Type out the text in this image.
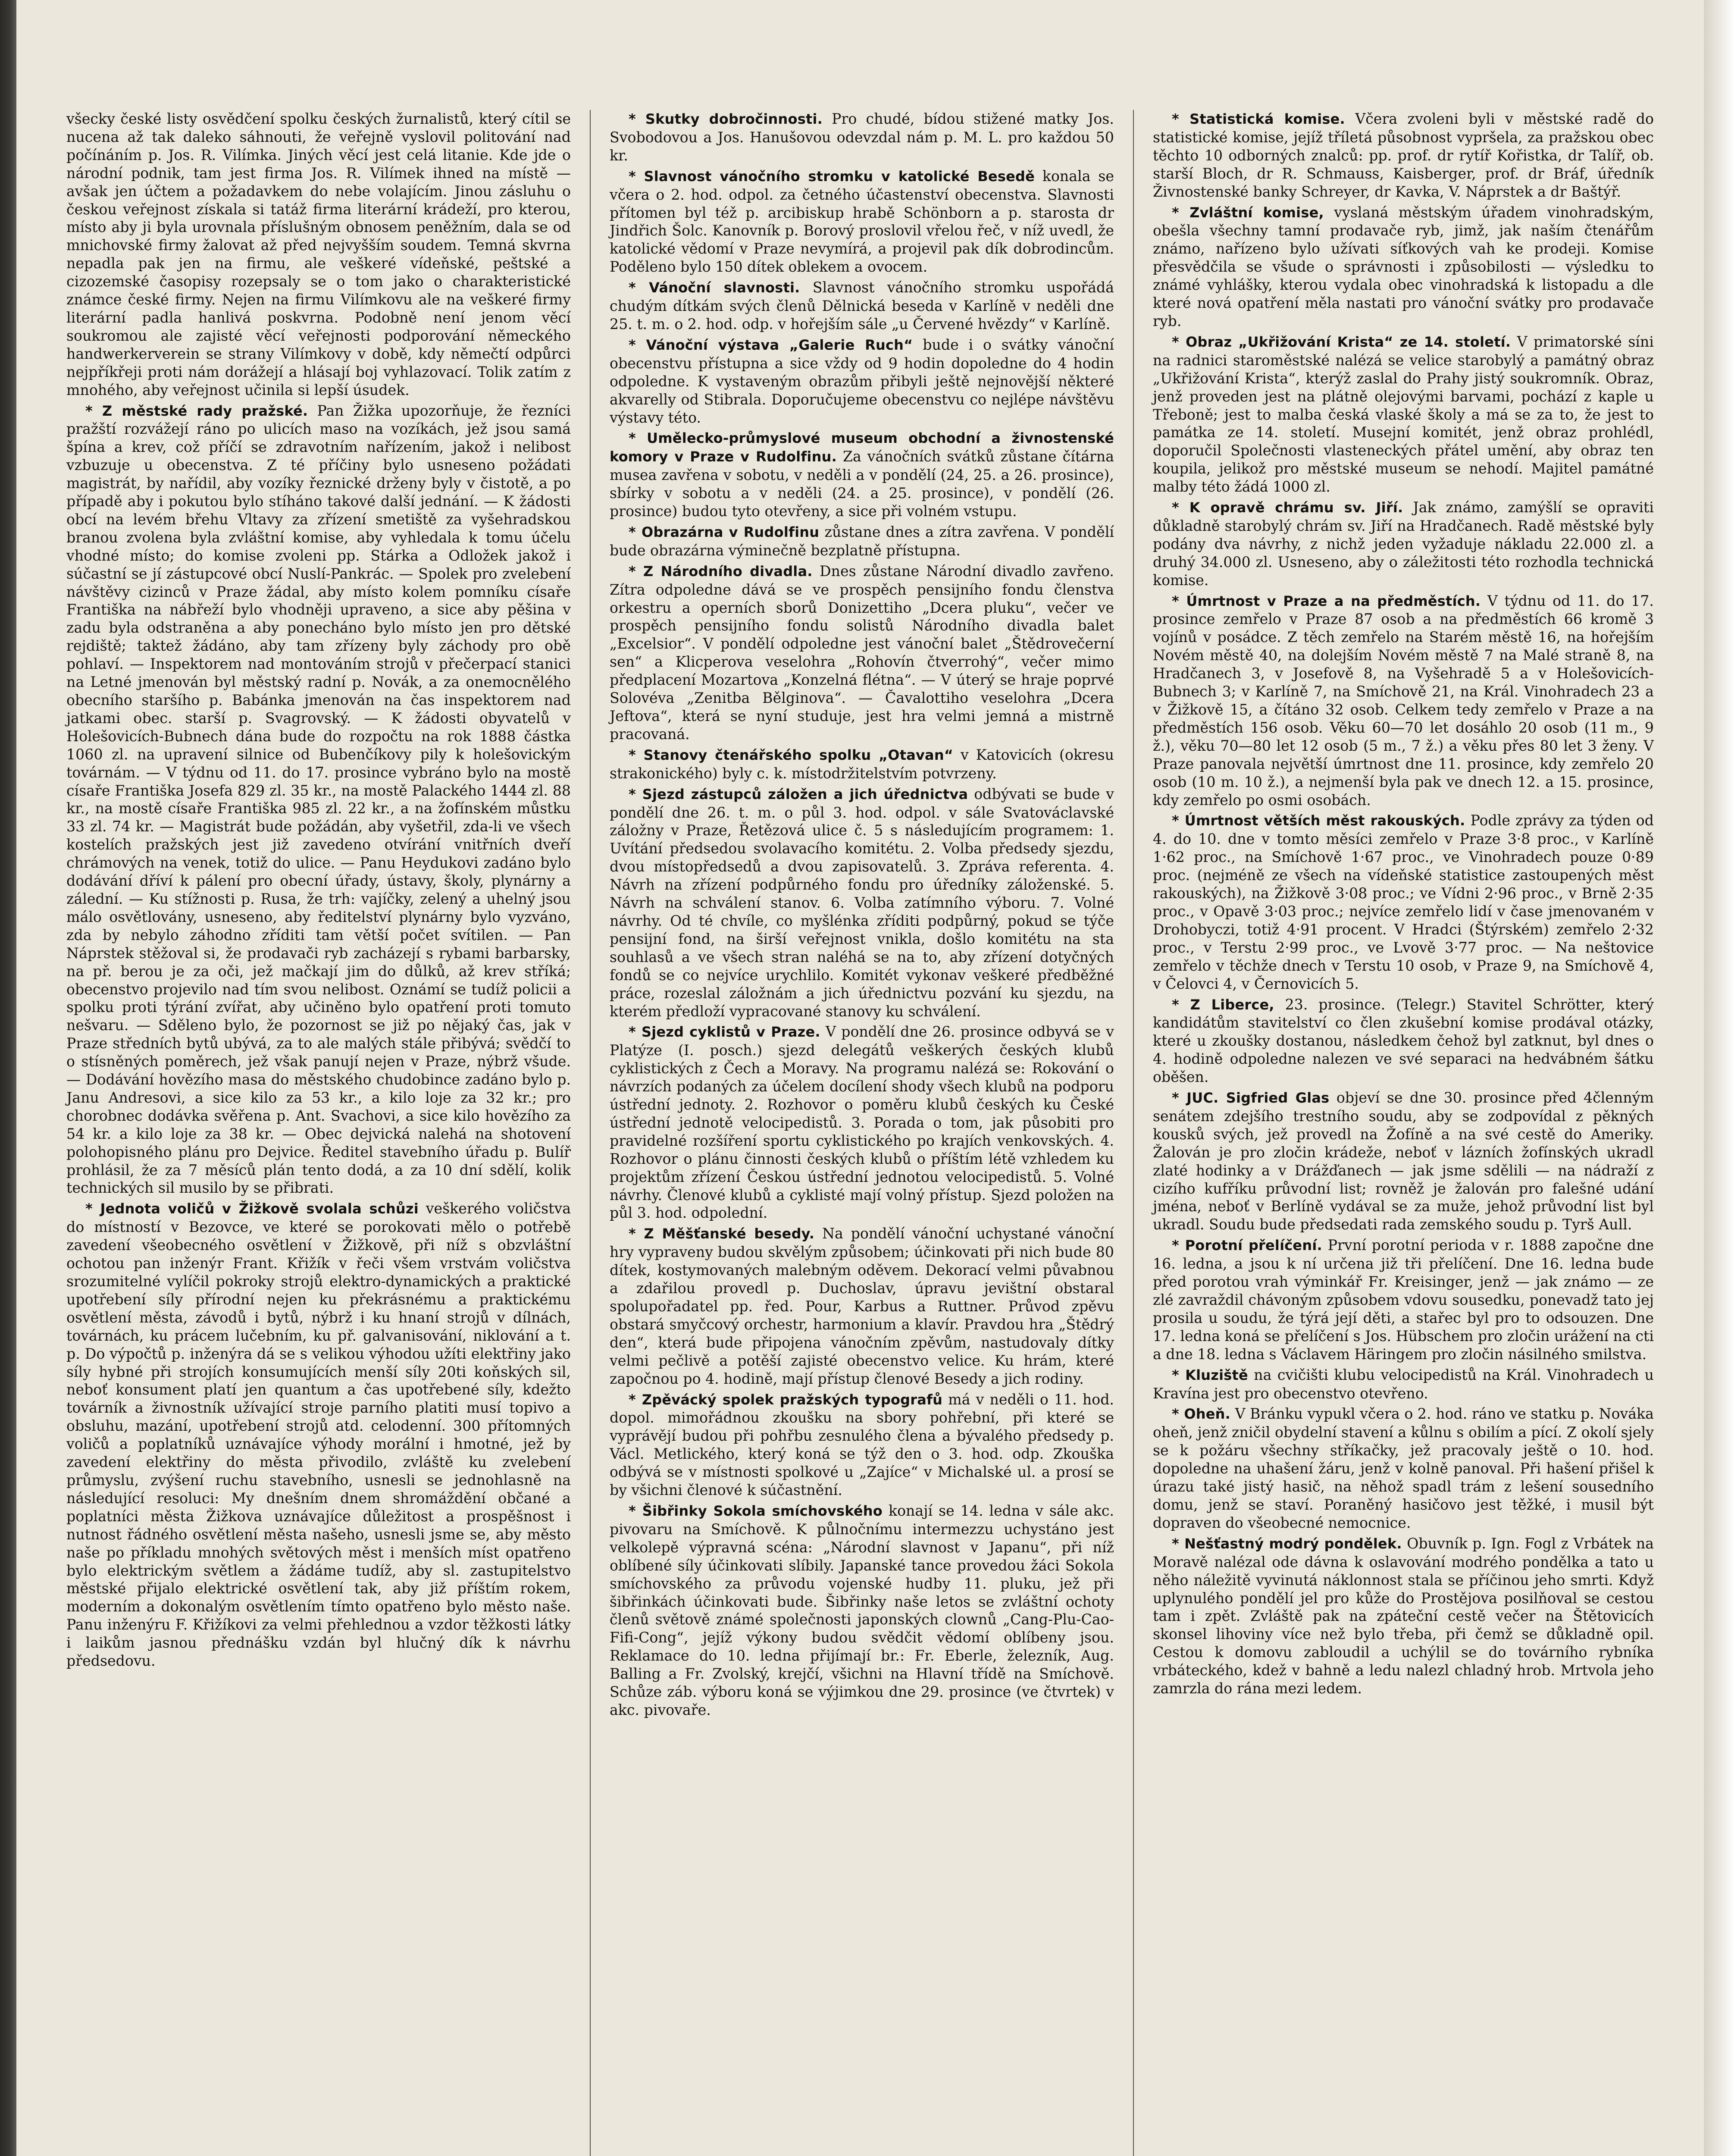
všecky české listy osvědčení spolku českých žurnalistů, který cítil se nucena až tak daleko sáhnouti, že veřejně vyslovil politování nad počínáním p. Jos. R. Vilímka. Jiných věcí jest celá litanie. Kde jde o národní podnik, tam jest firma Jos. R. Vilímek ihned na místě — avšak jen účtem a požadavkem do nebe volajícím. Jinou zásluhu o českou veřejnost získala si tatáž firma literární krádeží, pro kterou, místo aby ji byla urovnala příslušným obnosem peněžním, dala se od mnichovské firmy žalovat až před nejvyšším soudem. Temná skvrna nepadla pak jen na firmu, ale veškeré vídeňské, peštské a cizozemské časopisy rozepsaly se o tom jako o charakteristické známce české firmy. Nejen na firmu Vilímkovu ale na veškeré firmy literární padla hanlivá poskvrna. Podobně není jenom věcí soukromou ale zajisté věcí veřejnosti podporování německého handwerkerverein se strany Vilímkovy v době, kdy němečtí odpůrci nejpříkřeji proti nám dorážejí a hlásají boj vyhlazovací. Tolik zatím z mnohého, aby veřejnost učinila si lepší úsudek.

* Z městské rady pražské. Pan Žižka upozorňuje, že řezníci pražští rozvážejí ráno po ulicích maso na vozíkách, jež jsou samá špína a krev, což příčí se zdravotním nařízením, jakož i nelibost vzbuzuje u obecenstva. Z té příčiny bylo usneseno požádati magistrát, by nařídil, aby vozíky řeznické drženy byly v čistotě, a po případě aby i pokutou bylo stíháno takové další jednání. — K žádosti obcí na levém břehu Vltavy za zřízení smetiště za vyšehradskou branou zvolena byla zvláštní komise, aby vyhledala k tomu účelu vhodné místo; do komise zvoleni pp. Stárka a Odložek jakož i súčastní se jí zástupcové obcí Nuslí-Pankrác. — Spolek pro zvelebení návštěvy cizinců v Praze žádal, aby místo kolem pomníku císaře Františka na nábřeží bylo vhodněji upraveno, a sice aby pěšina v zadu byla odstraněna a aby ponecháno bylo místo jen pro dětské rejdiště; taktež žádáno, aby tam zřízeny byly záchody pro obě pohlaví. — Inspektorem nad montováním strojů v přečerpací stanici na Letné jmenován byl městský radní p. Novák, a za onemocnělého obecního staršího p. Babánka jmenován na čas inspektorem nad jatkami obec. starší p. Svagrovský. — K žádosti obyvatelů v Holešovicích-Bubnech dána bude do rozpočtu na rok 1888 částka 1060 zl. na upravení silnice od Bubenčíkovy pily k holešovickým továrnám. — V týdnu od 11. do 17. prosince vybráno bylo na mostě císaře Františka Josefa 829 zl. 35 kr., na mostě Palackého 1444 zl. 88 kr., na mostě císaře Františka 985 zl. 22 kr., a na žofínském můstku 33 zl. 74 kr. — Magistrát bude požádán, aby vyšetřil, zda-li ve všech kostelích pražských jest již zavedeno otvírání vnitřních dveří chrámových na venek, totiž do ulice. — Panu Heydukovi zadáno bylo dodávání dříví k pálení pro obecní úřady, ústavy, školy, plynárny a zálední. — Ku stížnosti p. Rusa, že trh: vajíčky, zelený a uhelný jsou málo osvětlovány, usneseno, aby ředitelství plynárny bylo vyzváno, zda by nebylo záhodno zříditi tam větší počet svítilen. — Pan Náprstek stěžoval si, že prodavači ryb zacházejí s rybami barbarsky, na př. berou je za oči, jež mačkají jim do důlků, až krev stříká; obecenstvo projevilo nad tím svou nelibost. Oznámí se tudíž policii a spolku proti týrání zvířat, aby učiněno bylo opatření proti tomuto nešvaru. — Sděleno bylo, že pozornost se již po nějaký čas, jak v Praze středních bytů ubývá, za to ale malých stále přibývá; svědčí to o stísněných poměrech, jež však panují nejen v Praze, nýbrž všude. — Dodávání hovězího masa do městského chudobince zadáno bylo p. Janu Andresovi, a sice kilo za 53 kr., a kilo loje za 32 kr.; pro chorobnec dodávka svěřena p. Ant. Svachovi, a sice kilo hovězího za 54 kr. a kilo loje za 38 kr. — Obec dejvická nalehá na shotovení polohopisného plánu pro Dejvice. Ředitel stavebního úřadu p. Bulíř prohlásil, že za 7 měsíců plán tento dodá, a za 10 dní sdělí, kolik technických sil musilo by se přibrati.

* Jednota voličů v Žižkově svolala schůzi veškerého voličstva do místností v Bezovce, ve které se porokovati mělo o potřebě zavedení všeobecného osvětlení v Žižkově, při níž s obzvláštní ochotou pan inženýr Frant. Křižík v řeči všem vrstvám voličstva srozumitelné vylíčil pokroky strojů elektro-dynamických a praktické upotřebení síly přírodní nejen ku překrásnému a praktickému osvětlení města, závodů i bytů, nýbrž i ku hnaní strojů v dílnách, továrnách, ku prácem lučebním, ku př. galvanisování, niklování a t. p. Do výpočtů p. inženýra dá se s velikou výhodou užíti elektřiny jako síly hybné při strojích konsumujících menší síly 20ti koňských sil, neboť konsument platí jen quantum a čas upotřebené síly, kdežto továrník a živnostník užívající stroje parního platiti musí topivo a obsluhu, mazání, upotřebení strojů atd. celodenní. 300 přítomných voličů a poplatníků uznávajíce výhody morální i hmotné, jež by zavedení elektřiny do města přivodilo, zvláště ku zvelebení průmyslu, zvýšení ruchu stavebního, usnesli se jednohlasně na následující resoluci: My dnešním dnem shromáždění občané a poplatníci města Žižkova uznávajíce důležitost a prospěšnost i nutnost řádného osvětlení města našeho, usnesli jsme se, aby město naše po příkladu mnohých světových měst i menších míst opatřeno bylo elektrickým světlem a žádáme tudíž, aby sl. zastupitelstvo městské přijalo elektrické osvětlení tak, aby již příštím rokem, moderním a dokonalým osvětlením tímto opatřeno bylo město naše. Panu inženýru F. Křižíkovi za velmi přehlednou a vzdor těžkosti látky i laikům jasnou přednášku vzdán byl hlučný dík k návrhu předsedovu.

* Skutky dobročinnosti. Pro chudé, bídou stižené matky Jos. Svobodovou a Jos. Hanušovou odevzdal nám p. M. L. pro každou 50 kr.

* Slavnost vánočního stromku v katolické Besedě konala se včera o 2. hod. odpol. za četného účastenství obecenstva. Slavnosti přítomen byl též p. arcibiskup hrabě Schönborn a p. starosta dr Jindřich Šolc. Kanovník p. Borový proslovil vřelou řeč, v níž uvedl, že katolické vědomí v Praze nevymírá, a projevil pak dík dobrodincům. Poděleno bylo 150 dítek oblekem a ovocem.

* Vánoční slavnosti. Slavnost vánočního stromku uspořádá chudým dítkám svých členů Dělnická beseda v Karlíně v neděli dne 25. t. m. o 2. hod. odp. v hořejším sále „u Červené hvězdy“ v Karlíně.

* Vánoční výstava „Galerie Ruch“ bude i o svátky vánoční obecenstvu přístupna a sice vždy od 9 hodin dopoledne do 4 hodin odpoledne. K vystaveným obrazům přibyli ještě nejnovější některé akvarelly od Stibrala. Doporučujeme obecenstvu co nejlépe návštěvu výstavy této.

* Umělecko-průmyslové museum obchodní a živnostenské komory v Praze v Rudolfinu. Za vánočních svátků zůstane čítárna musea zavřena v sobotu, v neděli a v pondělí (24, 25. a 26. prosince), sbírky v sobotu a v neděli (24. a 25. prosince), v pondělí (26. prosince) budou tyto otevřeny, a sice při volném vstupu.

* Obrazárna v Rudolfinu zůstane dnes a zítra zavřena. V pondělí bude obrazárna výminečně bezplatně přístupna.

* Z Národního divadla. Dnes zůstane Národní divadlo zavřeno. Zítra odpoledne dává se ve prospěch pensijního fondu členstva orkestru a operních sborů Donizettiho „Dcera pluku“, večer ve prospěch pensijního fondu solistů Národního divadla balet „Excelsior“. V pondělí odpoledne jest vánoční balet „Štědrovečerní sen“ a Klicperova veselohra „Rohovín čtverrohý“, večer mimo předplacení Mozartova „Konzelná flétna“. — V úterý se hraje poprvé Solovéva „Zenitba Bělginova“. — Čavalottiho veselohra „Dcera Jeftova“, která se nyní studuje, jest hra velmi jemná a mistrně pracovaná.

* Stanovy čtenářského spolku „Otavan“ v Katovicích (okresu strakonického) byly c. k. místodržitelstvím potvrzeny.

* Sjezd zástupců záložen a jich úřednictva odbývati se bude v pondělí dne 26. t. m. o půl 3. hod. odpol. v sále Svatováclavské záložny v Praze, Řetězová ulice č. 5 s následujícím programem: 1. Uvítání předsedou svolavacího komitétu. 2. Volba předsedy sjezdu, dvou místopředsedů a dvou zapisovatelů. 3. Zpráva referenta. 4. Návrh na zřízení podpůrného fondu pro úředníky záloženské. 5. Návrh na schválení stanov. 6. Volba zatímního výboru. 7. Volné návrhy. Od té chvíle, co myšlénka zříditi podpůrný, pokud se týče pensijní fond, na širší veřejnost vnikla, došlo komitétu na sta souhlasů a ve všech stran naléhá se na to, aby zřízení dotyčných fondů se co nejvíce urychlilo. Komitét vykonav veškeré předběžné práce, rozeslal záložnám a jich úřednictvu pozvání ku sjezdu, na kterém předloží vypracované stanovy ku schválení.

* Sjezd cyklistů v Praze. V pondělí dne 26. prosince odbyvá se v Platýze (I. posch.) sjezd delegátů veškerých českých klubů cyklistických z Čech a Moravy. Na programu nalézá se: Rokování o návrzích podaných za účelem docílení shody všech klubů na podporu ústřední jednoty. 2. Rozhovor o poměru klubů českých ku České ústřední jednotě velocipedistů. 3. Porada o tom, jak působiti pro pravidelné rozšíření sportu cyklistického po krajích venkovských. 4. Rozhovor o plánu činnosti českých klubů o příštím létě vzhledem ku projektům zřízení Českou ústřední jednotou velocipedistů. 5. Volné návrhy. Členové klubů a cyklisté mají volný přístup. Sjezd položen na půl 3. hod. odpolední.

* Z Měšťanské besedy. Na pondělí vánoční uchystané vánoční hry vypraveny budou skvělým způsobem; účinkovati při nich bude 80 dítek, kostymovaných malebným oděvem. Dekorací velmi půvabnou a zdařilou provedl p. Duchoslav, úpravu jevištní obstaral spolupořadatel pp. řed. Pour, Karbus a Ruttner. Průvod zpěvu obstará smyčcový orchestr, harmonium a klavír. Pravdou hra „Štědrý den“, která bude připojena vánočním zpěvům, nastudovaly dítky velmi pečlivě a potěší zajisté obecenstvo velice. Ku hrám, které započnou po 4. hodině, mají přístup členové Besedy a jich rodiny.

* Zpěvácký spolek pražských typografů má v neděli o 11. hod. dopol. mimořádnou zkoušku na sbory pohřební, při které se vyprávějí budou při pohřbu zesnulého člena a bývalého předsedy p. Václ. Metlického, který koná se týž den o 3. hod. odp. Zkouška odbývá se v místnosti spolkové u „Zajíce“ v Michalské ul. a prosí se by všichni členové k súčastnění.

* Šibřinky Sokola smíchovského konají se 14. ledna v sále akc. pivovaru na Smíchově. K půlnočnímu intermezzu uchystáno jest velkolepě výpravná scéna: „Národní slavnost v Japanu“, při níž oblíbené síly účinkovati slíbily. Japanské tance provedou žáci Sokola smíchovského za průvodu vojenské hudby 11. pluku, jež při šibřinkách účinkovati bude. Šibřinky naše letos se zvláštní ochoty členů světově známé společnosti japonských clownů „Cang-Plu-Cao-Fifi-Cong“, jejíž výkony budou svědčit vědomí oblíbeny jsou. Reklamace do 10. ledna přijímají br.: Fr. Eberle, železník, Aug. Balling a Fr. Zvolský, krejčí, všichni na Hlavní třídě na Smíchově. Schůze záb. výboru koná se výjimkou dne 29. prosince (ve čtvrtek) v akc. pivovaře.

* Statistická komise. Včera zvoleni byli v městské radě do statistické komise, jejíž tříletá působnost vypršela, za pražskou obec těchto 10 odborných znalců: pp. prof. dr rytíř Kořistka, dr Talíř, ob. starší Bloch, dr R. Schmauss, Kaisberger, prof. dr Bráf, úředník Živnostenské banky Schreyer, dr Kavka, V. Náprstek a dr Baštýř.

* Zvláštní komise, vyslaná městským úřadem vinohradským, obešla všechny tamní prodavače ryb, jimž, jak naším čtenářům známo, nařízeno bylo užívati síťkových vah ke prodeji. Komise přesvědčila se všude o správnosti i způsobilosti — výsledku to známé vyhlášky, kterou vydala obec vinohradská k listopadu a dle které nová opatření měla nastati pro vánoční svátky pro prodavače ryb.

* Obraz „Ukřižování Krista“ ze 14. století. V primatorské síni na radnici staroměstské nalézá se velice starobylý a památný obraz „Ukřižování Krista“, kterýž zaslal do Prahy jistý soukromník. Obraz, jenž proveden jest na plátně olejovými barvami, pochází z kaple u Třeboně; jest to malba česká vlaské školy a má se za to, že jest to památka ze 14. století. Musejní komitét, jenž obraz prohlédl, doporučil Společnosti vlasteneckých přátel umění, aby obraz ten koupila, jelikož pro městské museum se nehodí. Majitel památné malby této žádá 1000 zl.

* K opravě chrámu sv. Jiří. Jak známo, zamýšlí se opraviti důkladně starobylý chrám sv. Jiří na Hradčanech. Radě městské byly podány dva návrhy, z nichž jeden vyžaduje nákladu 22.000 zl. a druhý 34.000 zl. Usneseno, aby o záležitosti této rozhodla technická komise.

* Úmrtnost v Praze a na předměstích. V týdnu od 11. do 17. prosince zemřelo v Praze 87 osob a na předměstích 66 kromě 3 vojínů v posádce. Z těch zemřelo na Starém městě 16, na hořejším Novém městě 40, na dolejším Novém městě 7 na Malé straně 8, na Hradčanech 3, v Josefově 8, na Vyšehradě 5 a v Holešovicích-Bubnech 3; v Karlíně 7, na Smíchově 21, na Král. Vinohradech 23 a v Žižkově 15, a čítáno 32 osob. Celkem tedy zemřelo v Praze a na předměstích 156 osob. Věku 60—70 let dosáhlo 20 osob (11 m., 9 ž.), věku 70—80 let 12 osob (5 m., 7 ž.) a věku přes 80 let 3 ženy. V Praze panovala největší úmrtnost dne 11. prosince, kdy zemřelo 20 osob (10 m. 10 ž.), a nejmenší byla pak ve dnech 12. a 15. prosince, kdy zemřelo po osmi osobách.

* Úmrtnost větších měst rakouských. Podle zprávy za týden od 4. do 10. dne v tomto měsíci zemřelo v Praze 3·8 proc., v Karlíně 1·62 proc., na Smíchově 1·67 proc., ve Vinohradech pouze 0·89 proc. (nejméně ze všech na vídeňské statistice zastoupených měst rakouských), na Žižkově 3·08 proc.; ve Vídni 2·96 proc., v Brně 2·35 proc., v Opavě 3·03 proc.; nejvíce zemřelo lidí v čase jmenovaném v Drohobyczi, totiž 4·91 procent. V Hradci (Štýrském) zemřelo 2·32 proc., v Terstu 2·99 proc., ve Lvově 3·77 proc. — Na neštovice zemřelo v těchže dnech v Terstu 10 osob, v Praze 9, na Smíchově 4, v Čelovci 4, v Černovicích 5.

* Z Liberce, 23. prosince. (Telegr.) Stavitel Schrötter, který kandidátům stavitelství co člen zkušební komise prodával otázky, které u zkoušky dostanou, následkem čehož byl zatknut, byl dnes o 4. hodině odpoledne nalezen ve své separaci na hedvábném šátku oběšen.

* JUC. Sigfried Glas objeví se dne 30. prosince před 4členným senátem zdejšího trestního soudu, aby se zodpovídal z pěkných kousků svých, jež provedl na Žofíně a na své cestě do Ameriky. Žalován je pro zločin krádeže, neboť v lázních žofínských ukradl zlaté hodinky a v Drážďanech — jak jsme sdělili — na nádraží z cizího kufříku průvodní list; rovněž je žalován pro falešné udání jména, neboť v Berlíně vydával se za muže, jehož průvodní list byl ukradl. Soudu bude předsedati rada zemského soudu p. Tyrš Aull.

* Porotní přelíčení. První porotní perioda v r. 1888 započne dne 16. ledna, a jsou k ní určena již tři přelíčení. Dne 16. ledna bude před porotou vrah výminkář Fr. Kreisinger, jenž — jak známo — ze zlé zavraždil chávoným způsobem vdovu sousedku, ponevadž tato jej prosila u soudu, že týrá její děti, a stařec byl pro to odsouzen. Dne 17. ledna koná se přelíčení s Jos. Hübschem pro zločin urážení na cti a dne 18. ledna s Václavem Häringem pro zločin násilného smilstva.

* Kluziště na cvičišti klubu velocipedistů na Král. Vinohradech u Kravína jest pro obecenstvo otevřeno.

* Oheň. V Bránku vypukl včera o 2. hod. ráno ve statku p. Nováka oheň, jenž zničil obydelní stavení a kůlnu s obilím a pící. Z okolí sjely se k požáru všechny stříkačky, jež pracovaly ještě o 10. hod. dopoledne na uhašení žáru, jenž v kolně panoval. Při hašení přišel k úrazu také jistý hasič, na něhož spadl trám z lešení sousedního domu, jenž se staví. Poraněný hasičovo jest těžké, i musil být dopraven do všeobecné nemocnice.

* Nešťastný modrý pondělek. Obuvník p. Ign. Fogl z Vrbátek na Moravě nalézal ode dávna k oslavování modrého pondělka a tato u něho náležitě vyvinutá náklonnost stala se příčinou jeho smrti. Když uplynulého pondělí jel pro kůže do Prostějova posilňoval se cestou tam i zpět. Zvláště pak na zpáteční cestě večer na Štětovicích skonsel lihoviny více než bylo třeba, při čemž se důkladně opil. Cestou k domovu zabloudil a uchýlil se do továrního rybníka vrbáteckého, kdež v bahně a ledu nalezl chladný hrob. Mrtvola jeho zamrzla do rána mezi ledem.
